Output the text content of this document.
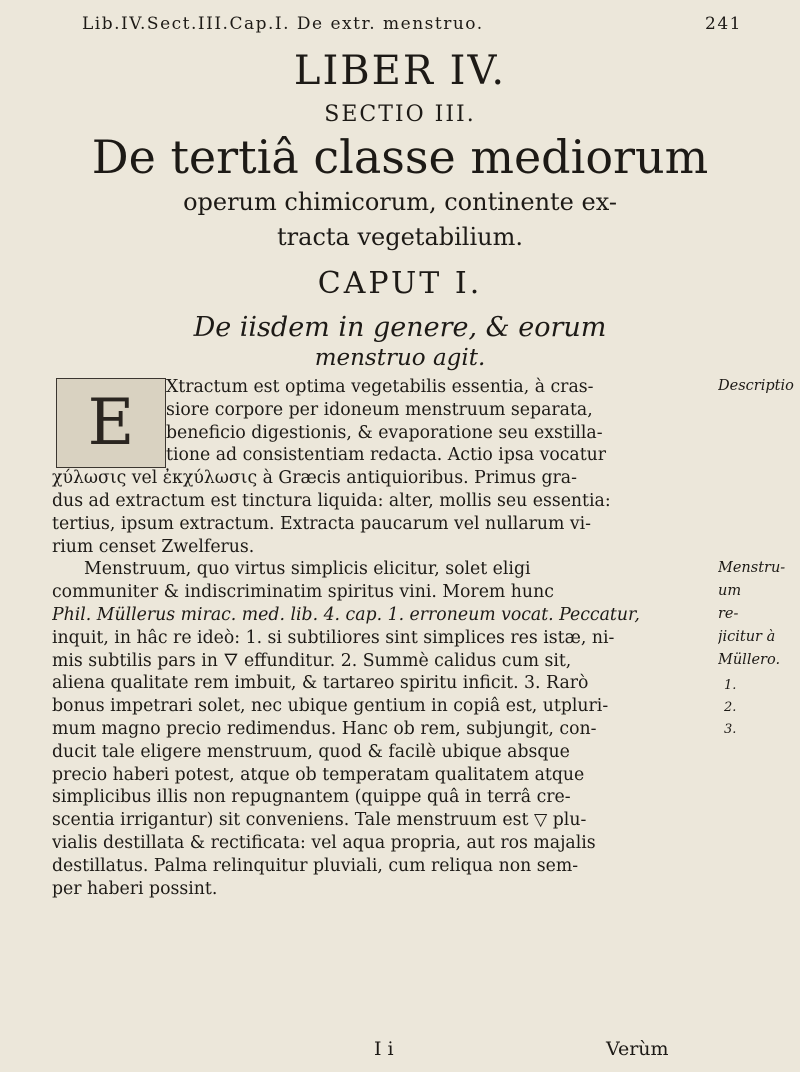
Lib.IV.Sect.III.Cap.I. De extr. menstruo.	241
LIBER IV.
SECTIO III.
De tertiâ classe mediorum
operum chimicorum, continente ex-
tracta vegetabilium.
CAPUT I.
De iisdem in genere, & eorum
menstruo agit.
E	Xtractum est optima vegetabilis essentia, à cras-
siore corpore per idoneum menstruum separata,
beneficio digestionis, & evaporatione seu exstilla-
tione ad consistentiam redacta. Actio ipsa vocatur
χύλωσις vel ἐκχύλωσις à Græcis antiquioribus. Primus gra-
dus ad extractum est tinctura liquida: alter, mollis seu essentia:
tertius, ipsum extractum. Extracta paucarum vel nullarum vi-
rium censet Zwelferus.
Menstruum, quo virtus simplicis elicitur, solet eligi
communiter & indiscriminatim spiritus vini. Morem hunc
Phil. Müllerus mirac. med. lib. 4. cap. 1. erroneum vocat. Peccatur,
inquit, in hâc re ideò: 1. si subtiliores sint simplices res istæ, ni-
mis subtilis pars in 🜄 effunditur. 2. Summè calidus cum sit,
aliena qualitate rem imbuit, & tartareo spiritu inficit. 3. Rarò
bonus impetrari solet, nec ubique gentium in copiâ est, utpluri-
mum magno precio redimendus. Hanc ob rem, subjungit, con-
ducit tale eligere menstruum, quod & facilè ubique absque
precio haberi potest, atque ob temperatam qualitatem atque
simplicibus illis non repugnantem (quippe quâ in terrâ cre-
scentia irrigantur) sit conveniens. Tale menstruum est ▽ plu-
vialis destillata & rectificata: vel aqua propria, aut ros majalis
destillatus. Palma relinquitur pluviali, cum reliqua non sem-
per haberi possint.
Descriptio
Menstru-
um
re-
jicitur à
Müllero.
1.
2.
3.
I i	Verùm
